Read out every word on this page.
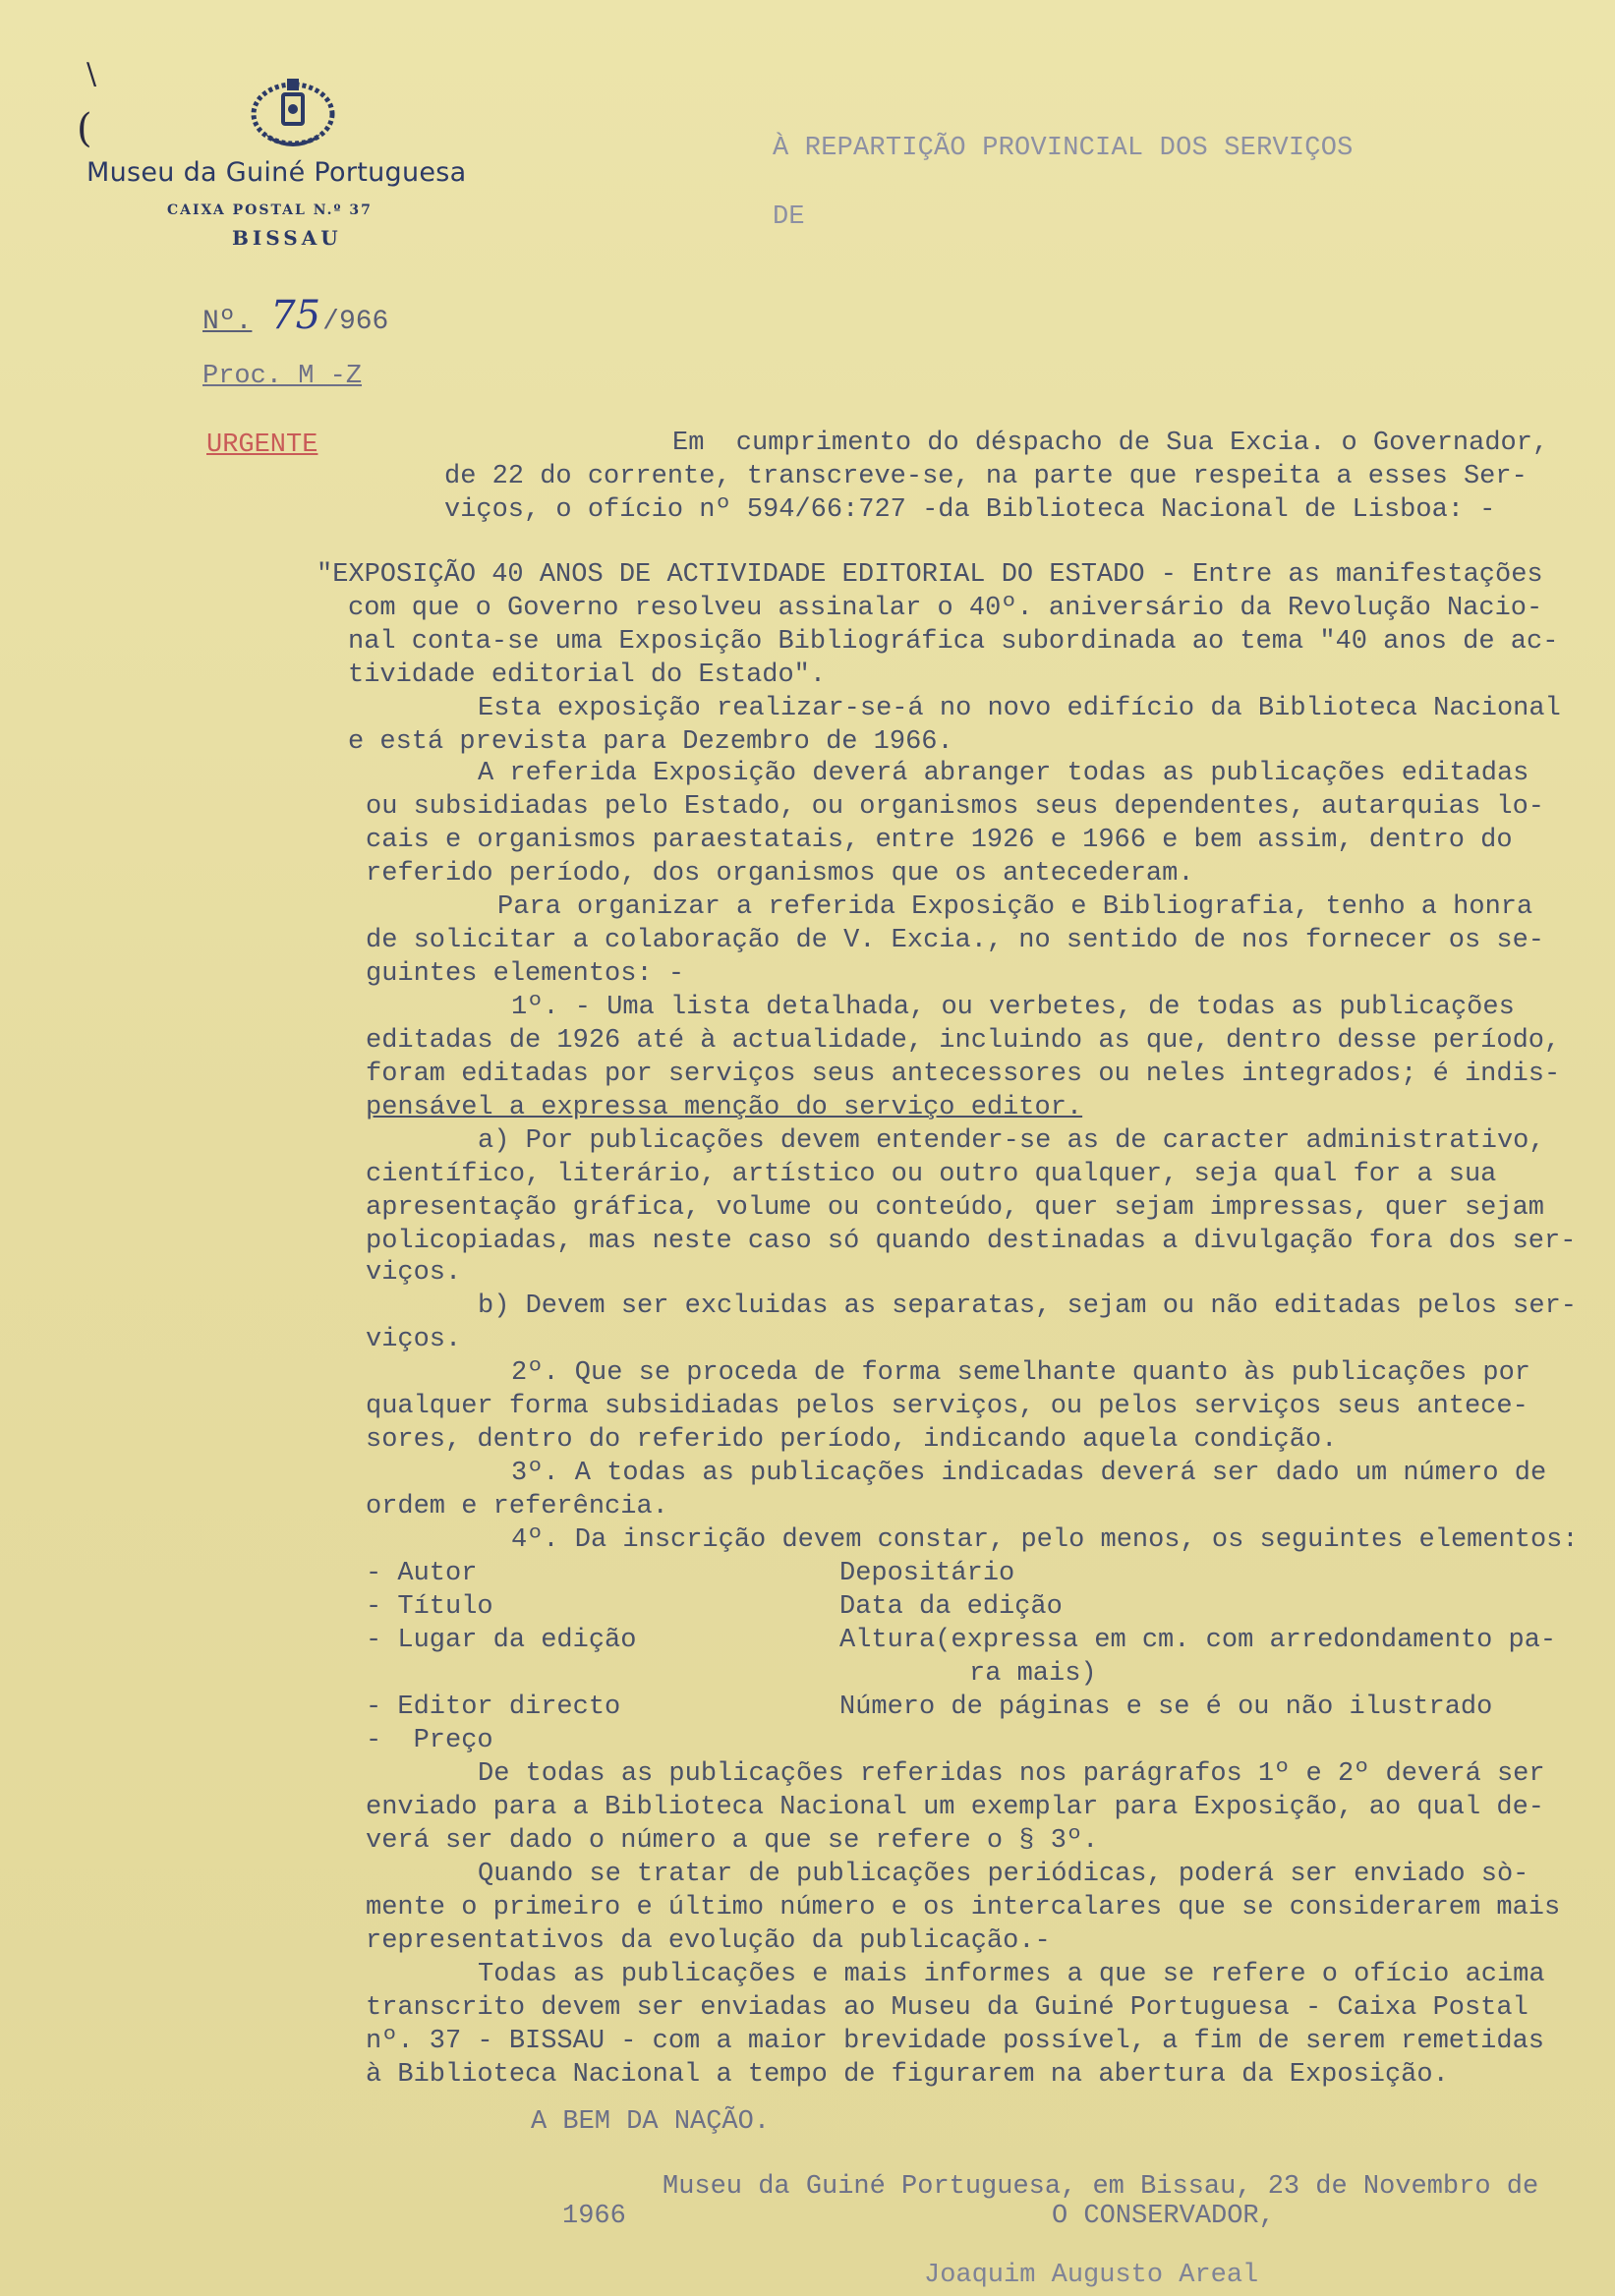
\
(
Museu da Guiné Portuguesa
CAIXA POSTAL N.º 37
BISSAU
Nº. 75/966
Proc. M -Z
URGENTE
À REPARTIÇÃO PROVINCIAL DOS SERVIÇOS
DE
Em  cumprimento do déspacho de Sua Excia. o Governador,
de 22 do corrente, transcreve-se, na parte que respeita a esses Ser-
viços, o ofício nº 594/66:727 -da Biblioteca Nacional de Lisboa: -
"EXPOSIÇÃO 40 ANOS DE ACTIVIDADE EDITORIAL DO ESTADO - Entre as manifestações
com que o Governo resolveu assinalar o 40º. aniversário da Revolução Nacio-
nal conta-se uma Exposição Bibliográfica subordinada ao tema "40 anos de ac-
tividade editorial do Estado".
Esta exposição realizar-se-á no novo edifício da Biblioteca Nacional
e está prevista para Dezembro de 1966.
A referida Exposição deverá abranger todas as publicações editadas
ou subsidiadas pelo Estado, ou organismos seus dependentes, autarquias lo-
cais e organismos paraestatais, entre 1926 e 1966 e bem assim, dentro do
referido período, dos organismos que os antecederam.
Para organizar a referida Exposição e Bibliografia, tenho a honra
de solicitar a colaboração de V. Excia., no sentido de nos fornecer os se-
guintes elementos: -
1º. - Uma lista detalhada, ou verbetes, de todas as publicações
editadas de 1926 até à actualidade, incluindo as que, dentro desse período,
foram editadas por serviços seus antecessores ou neles integrados; é indis-
pensável a expressa menção do serviço editor.
a) Por publicações devem entender-se as de caracter administrativo,
científico, literário, artístico ou outro qualquer, seja qual for a sua
apresentação gráfica, volume ou conteúdo, quer sejam impressas, quer sejam
policopiadas, mas neste caso só quando destinadas a divulgação fora dos ser-
viços.
b) Devem ser excluidas as separatas, sejam ou não editadas pelos ser-
viços.
2º. Que se proceda de forma semelhante quanto às publicações por
qualquer forma subsidiadas pelos serviços, ou pelos serviços seus antece-
sores, dentro do referido período, indicando aquela condição.
3º. A todas as publicações indicadas deverá ser dado um número de
ordem e referência.
4º. Da inscrição devem constar, pelo menos, os seguintes elementos:
- Autor
- Título
- Lugar da edição
- Editor directo
-  Preço
Depositário
Data da edição
Altura(expressa em cm. com arredondamento pa-
ra mais)
Número de páginas e se é ou não ilustrado
De todas as publicações referidas nos parágrafos 1º e 2º deverá ser
enviado para a Biblioteca Nacional um exemplar para Exposição, ao qual de-
verá ser dado o número a que se refere o § 3º.
Quando se tratar de publicações periódicas, poderá ser enviado sò-
mente o primeiro e último número e os intercalares que se considerarem mais
representativos da evolução da publicação.-
Todas as publicações e mais informes a que se refere o ofício acima
transcrito devem ser enviadas ao Museu da Guiné Portuguesa - Caixa Postal
nº. 37 - BISSAU - com a maior brevidade possível, a fim de serem remetidas
à Biblioteca Nacional a tempo de figurarem na abertura da Exposição.
A BEM DA NAÇÃO.
Museu da Guiné Portuguesa, em Bissau, 23 de Novembro de
1966	O CONSERVADOR,
Joaquim Augusto Areal
